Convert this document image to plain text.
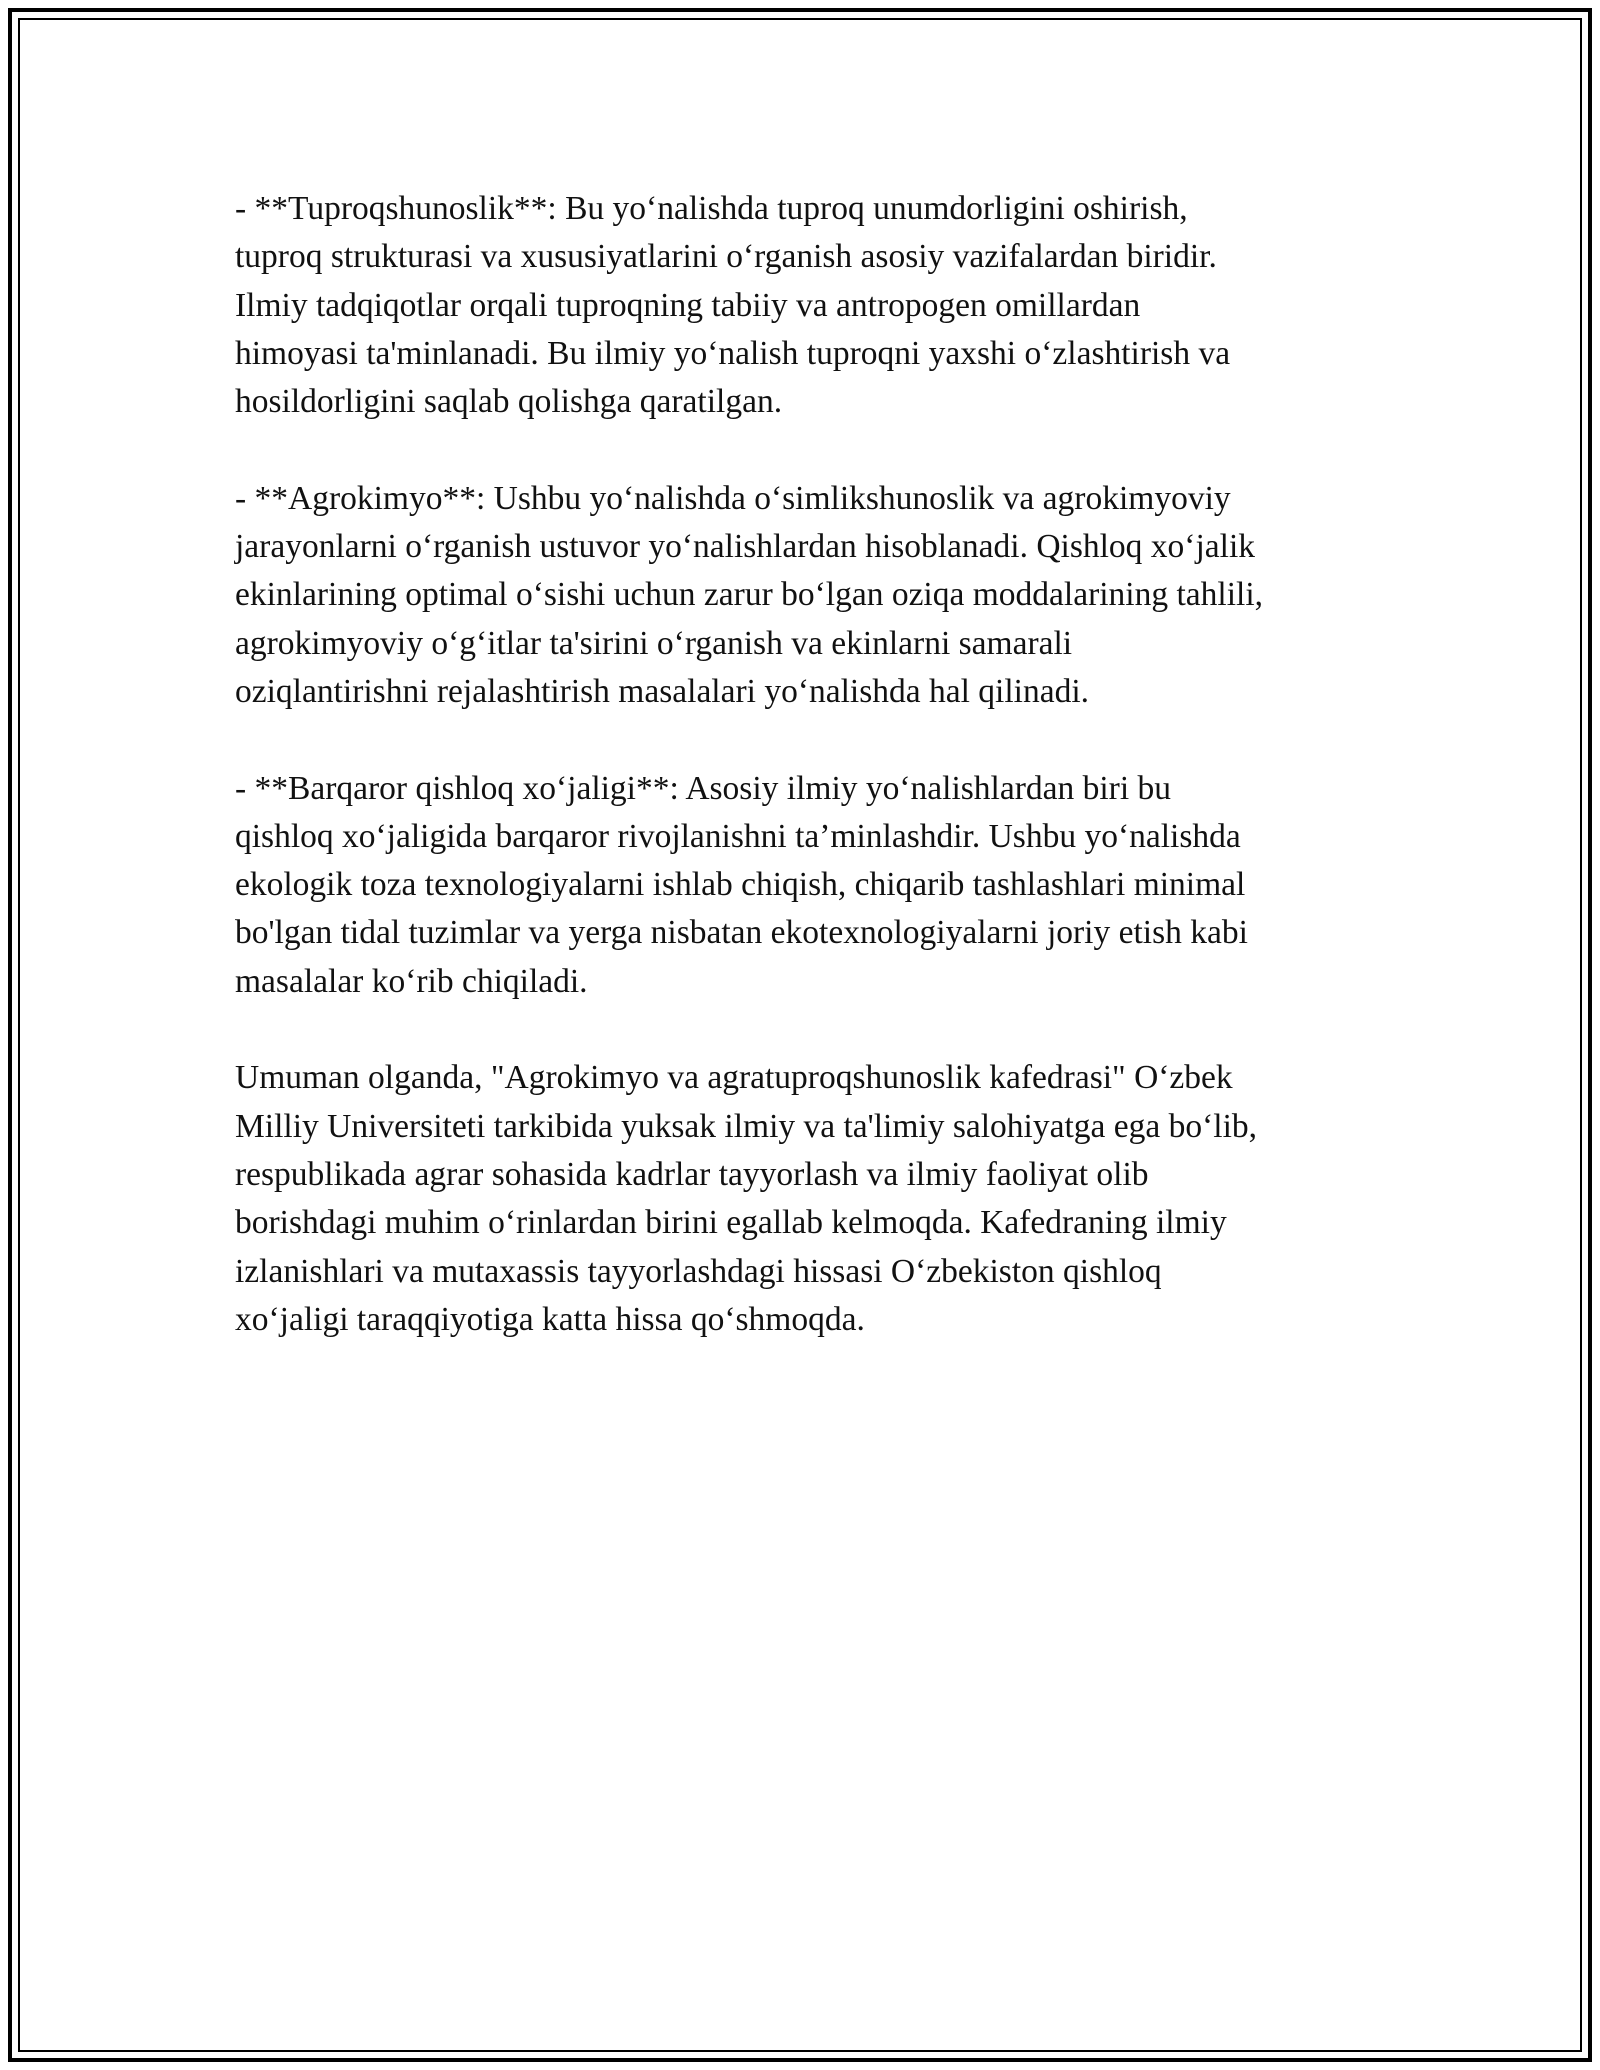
- **Tuproqshunoslik**: Bu yo‘nalishda tuproq unumdorligini oshirish,
tuproq strukturasi va xususiyatlarini o‘rganish asosiy vazifalardan biridir.
Ilmiy tadqiqotlar orqali tuproqning tabiiy va antropogen omillardan
himoyasi ta'minlanadi. Bu ilmiy yo‘nalish tuproqni yaxshi o‘zlashtirish va
hosildorligini saqlab qolishga qaratilgan.

- **Agrokimyo**: Ushbu yo‘nalishda o‘simlikshunoslik va agrokimyoviy
jarayonlarni o‘rganish ustuvor yo‘nalishlardan hisoblanadi. Qishloq xo‘jalik
ekinlarining optimal o‘sishi uchun zarur bo‘lgan oziqa moddalarining tahlili,
agrokimyoviy o‘g‘itlar ta'sirini o‘rganish va ekinlarni samarali
oziqlantirishni rejalashtirish masalalari yo‘nalishda hal qilinadi.

- **Barqaror qishloq xo‘jaligi**: Asosiy ilmiy yo‘nalishlardan biri bu
qishloq xo‘jaligida barqaror rivojlanishni ta’minlashdir. Ushbu yo‘nalishda
ekologik toza texnologiyalarni ishlab chiqish, chiqarib tashlashlari minimal
bo'lgan tidal tuzimlar va yerga nisbatan ekotexnologiyalarni joriy etish kabi
masalalar ko‘rib chiqiladi.

Umuman olganda, "Agrokimyo va agratuproqshunoslik kafedrasi" O‘zbek
Milliy Universiteti tarkibida yuksak ilmiy va ta'limiy salohiyatga ega bo‘lib,
respublikada agrar sohasida kadrlar tayyorlash va ilmiy faoliyat olib
borishdagi muhim o‘rinlardan birini egallab kelmoqda. Kafedraning ilmiy
izlanishlari va mutaxassis tayyorlashdagi hissasi O‘zbekiston qishloq
xo‘jaligi taraqqiyotiga katta hissa qo‘shmoqda.
